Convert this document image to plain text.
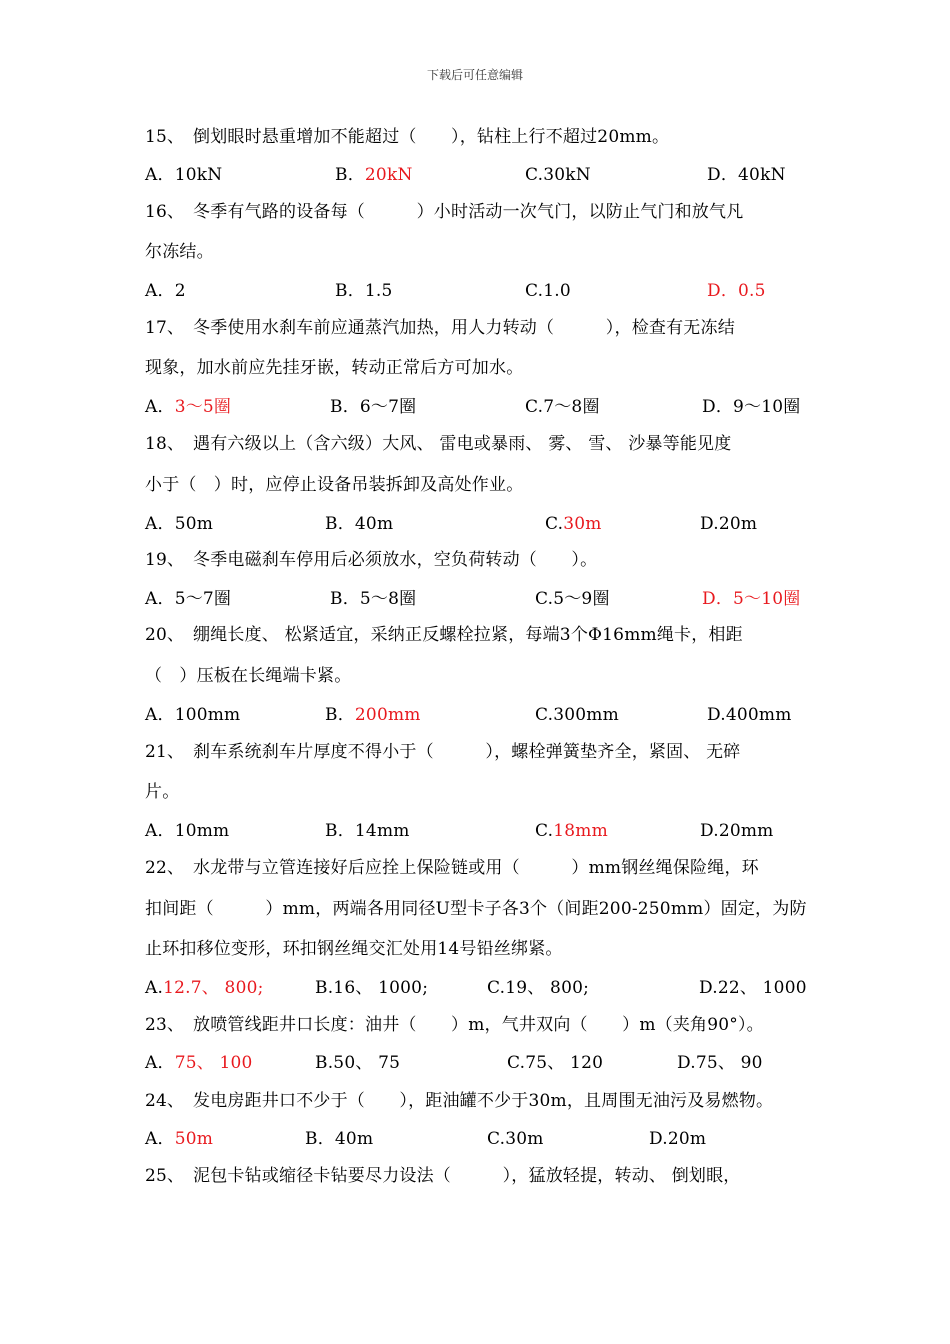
下载后可任意编辑
15、 倒划眼时悬重增加不能超过（　　），钻柱上行不超过20mm。
A．10kN	B．20kN	C.30kN	D．40kN
16、 冬季有气路的设备每（　　　）小时活动一次气门，以防止气门和放气凡
尔冻结。
A．2	B．1.5	C.1.0	D．0.5
17、 冬季使用水刹车前应通蒸汽加热，用人力转动（　　　），检查有无冻结
现象，加水前应先挂牙嵌，转动正常后方可加水。
A．3～5圈	B．6～7圈	C.7～8圈	D．9～10圈
18、 遇有六级以上（含六级）大风、 雷电或暴雨、 雾、 雪、 沙暴等能见度
小于（　）时，应停止设备吊装拆卸及高处作业。
A．50m	B．40m	C.30m	D.20m
19、 冬季电磁刹车停用后必须放水，空负荷转动（　　）。
A．5～7圈	B．5～8圈	C.5～9圈	D．5～10圈
20、 绷绳长度、 松紧适宜，采纳正反螺栓拉紧，每端3个Φ16mm绳卡，相距
（　）压板在长绳端卡紧。
A．100mm	B．200mm	C.300mm	D.400mm
21、 刹车系统刹车片厚度不得小于（　　　），螺栓弹簧垫齐全，紧固、 无碎
片。
A．10mm	B．14mm	C.18mm	D.20mm
22、 水龙带与立管连接好后应拴上保险链或用（　　　）mm钢丝绳保险绳，环
扣间距（　　　）mm，两端各用同径U型卡子各3个（间距200-250mm）固定，为防
止环扣移位变形，环扣钢丝绳交汇处用14号铅丝绑紧。
A.12.7、 800;	B.16、 1000;	C.19、 800;	D.22、 1000
23、 放喷管线距井口长度：油井（　　）m，气井双向（　　）m（夹角90°）。
A．75、 100	B.50、 75	C.75、 120	D.75、 90
24、 发电房距井口不少于（　　），距油罐不少于30m，且周围无油污及易燃物。
A．50m	B．40m	C.30m	D.20m
25、 泥包卡钻或缩径卡钻要尽力设法（　　　），猛放轻提，转动、 倒划眼，
